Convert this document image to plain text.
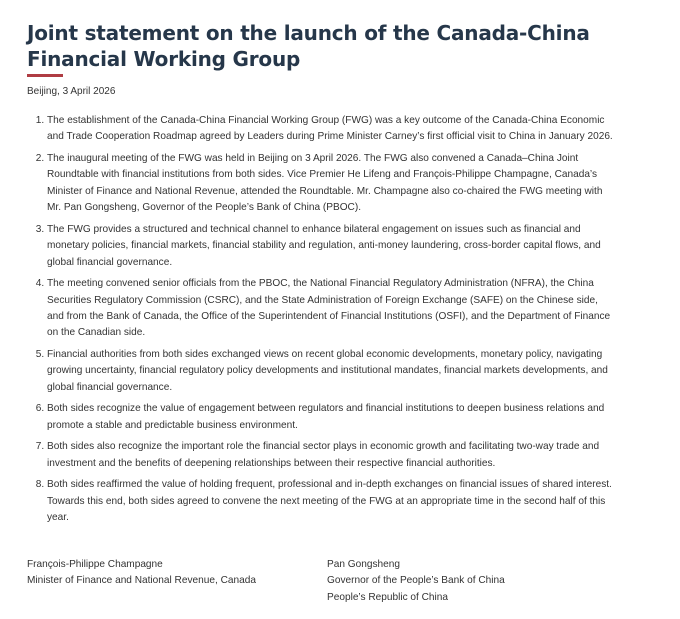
Joint statement on the launch of the Canada-China Financial Working Group
Beijing, 3 April 2026
1. The establishment of the Canada-China Financial Working Group (FWG) was a key outcome of the Canada-China Economic and Trade Cooperation Roadmap agreed by Leaders during Prime Minister Carney’s first official visit to China in January 2026.
2. The inaugural meeting of the FWG was held in Beijing on 3 April 2026. The FWG also convened a Canada–China Joint Roundtable with financial institutions from both sides. Vice Premier He Lifeng and François-Philippe Champagne, Canada’s Minister of Finance and National Revenue, attended the Roundtable. Mr. Champagne also co-chaired the FWG meeting with Mr. Pan Gongsheng, Governor of the People’s Bank of China (PBOC).
3. The FWG provides a structured and technical channel to enhance bilateral engagement on issues such as financial and monetary policies, financial markets, financial stability and regulation, anti-money laundering, cross-border capital flows, and global financial governance.
4. The meeting convened senior officials from the PBOC, the National Financial Regulatory Administration (NFRA), the China Securities Regulatory Commission (CSRC), and the State Administration of Foreign Exchange (SAFE) on the Chinese side, and from the Bank of Canada, the Office of the Superintendent of Financial Institutions (OSFI), and the Department of Finance on the Canadian side.
5. Financial authorities from both sides exchanged views on recent global economic developments, monetary policy, navigating growing uncertainty, financial regulatory policy developments and institutional mandates, financial markets developments, and global financial governance.
6. Both sides recognize the value of engagement between regulators and financial institutions to deepen business relations and promote a stable and predictable business environment.
7. Both sides also recognize the important role the financial sector plays in economic growth and facilitating two-way trade and investment and the benefits of deepening relationships between their respective financial authorities.
8. Both sides reaffirmed the value of holding frequent, professional and in-depth exchanges on financial issues of shared interest. Towards this end, both sides agreed to convene the next meeting of the FWG at an appropriate time in the second half of this year.
François-Philippe Champagne
Minister of Finance and National Revenue, Canada
Pan Gongsheng
Governor of the People’s Bank of China
People’s Republic of China
